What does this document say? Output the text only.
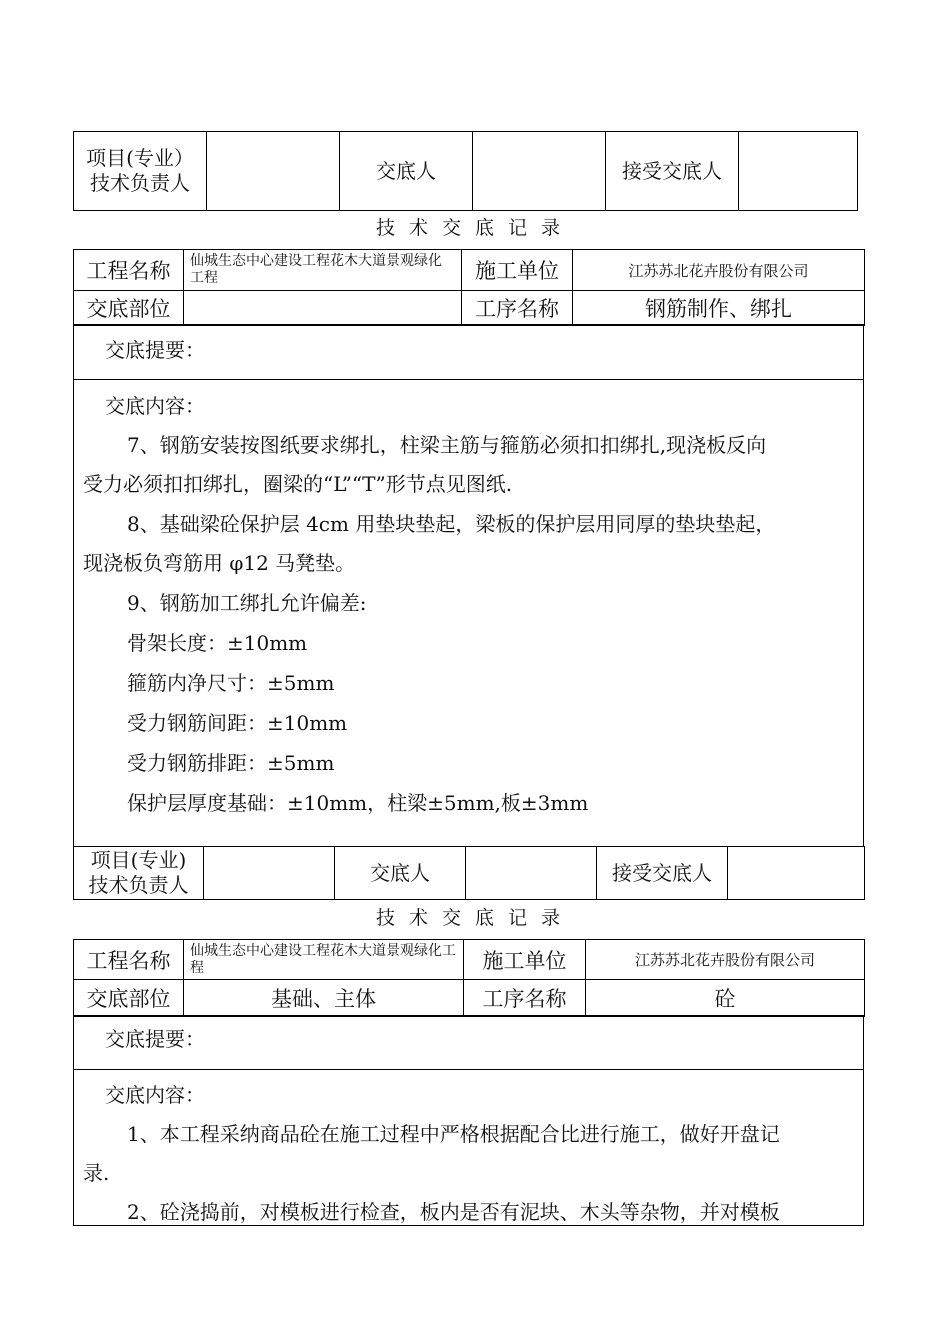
项目(专业）技术负责人		交底人		接受交底人	
技术交底记录
工程名称	仙城生态中心建设工程花木大道景观绿化工程	施工单位	江苏苏北花卉股份有限公司
交底部位		工序名称	钢筋制作、绑扎
交底提要：
交底内容：
7、钢筋安装按图纸要求绑扎，柱梁主筋与箍筋必须扣扣绑扎,现浇板反向
受力必须扣扣绑扎，圈梁的“L”“T”形节点见图纸.
8、基础梁砼保护层 4cm 用垫块垫起，梁板的保护层用同厚的垫块垫起，
现浇板负弯筋用 φ12 马凳垫。
9、钢筋加工绑扎允许偏差:
骨架长度：±10mm
箍筋内净尺寸：±5mm
受力钢筋间距：±10mm
受力钢筋排距：±5mm
保护层厚度基础：±10mm，柱梁±5mm,板±3mm
项目(专业)
技术负责人
		交底人		接受交底人	
技术交底记录
工程名称	仙城生态中心建设工程花木大道景观绿化工程	施工单位	江苏苏北花卉股份有限公司
交底部位	基础、主体	工序名称	砼
交底提要：
交底内容：
1、本工程采纳商品砼在施工过程中严格根据配合比进行施工，做好开盘记
录.
2、砼浇捣前，对模板进行检查，板内是否有泥块、木头等杂物，并对模板
